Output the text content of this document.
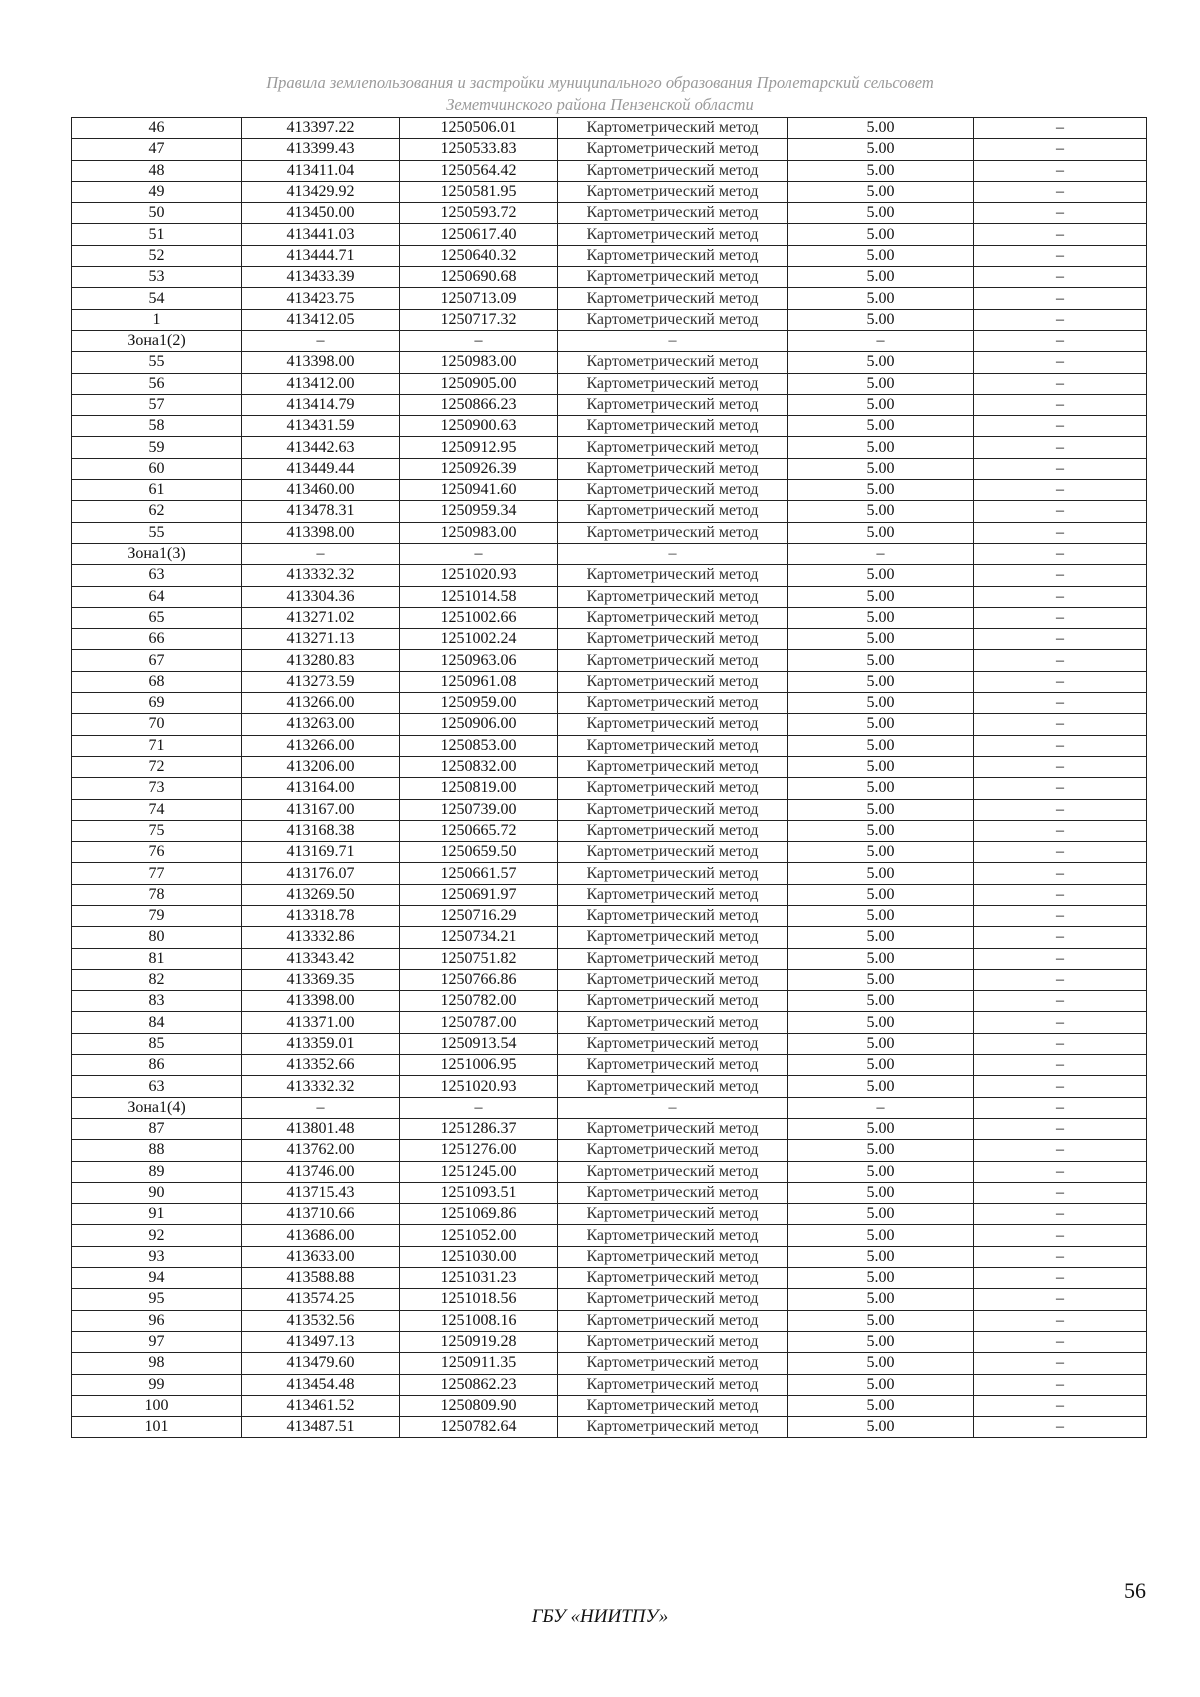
Правила землепользования и застройки муниципального образования Пролетарский сельсовет
Земетчинского района Пензенской области
46	413397.22	1250506.01	Картометрический метод	5.00	–
47	413399.43	1250533.83	Картометрический метод	5.00	–
48	413411.04	1250564.42	Картометрический метод	5.00	–
49	413429.92	1250581.95	Картометрический метод	5.00	–
50	413450.00	1250593.72	Картометрический метод	5.00	–
51	413441.03	1250617.40	Картометрический метод	5.00	–
52	413444.71	1250640.32	Картометрический метод	5.00	–
53	413433.39	1250690.68	Картометрический метод	5.00	–
54	413423.75	1250713.09	Картометрический метод	5.00	–
1	413412.05	1250717.32	Картометрический метод	5.00	–
Зона1(2)	–	–	–	–	–
55	413398.00	1250983.00	Картометрический метод	5.00	–
56	413412.00	1250905.00	Картометрический метод	5.00	–
57	413414.79	1250866.23	Картометрический метод	5.00	–
58	413431.59	1250900.63	Картометрический метод	5.00	–
59	413442.63	1250912.95	Картометрический метод	5.00	–
60	413449.44	1250926.39	Картометрический метод	5.00	–
61	413460.00	1250941.60	Картометрический метод	5.00	–
62	413478.31	1250959.34	Картометрический метод	5.00	–
55	413398.00	1250983.00	Картометрический метод	5.00	–
Зона1(3)	–	–	–	–	–
63	413332.32	1251020.93	Картометрический метод	5.00	–
64	413304.36	1251014.58	Картометрический метод	5.00	–
65	413271.02	1251002.66	Картометрический метод	5.00	–
66	413271.13	1251002.24	Картометрический метод	5.00	–
67	413280.83	1250963.06	Картометрический метод	5.00	–
68	413273.59	1250961.08	Картометрический метод	5.00	–
69	413266.00	1250959.00	Картометрический метод	5.00	–
70	413263.00	1250906.00	Картометрический метод	5.00	–
71	413266.00	1250853.00	Картометрический метод	5.00	–
72	413206.00	1250832.00	Картометрический метод	5.00	–
73	413164.00	1250819.00	Картометрический метод	5.00	–
74	413167.00	1250739.00	Картометрический метод	5.00	–
75	413168.38	1250665.72	Картометрический метод	5.00	–
76	413169.71	1250659.50	Картометрический метод	5.00	–
77	413176.07	1250661.57	Картометрический метод	5.00	–
78	413269.50	1250691.97	Картометрический метод	5.00	–
79	413318.78	1250716.29	Картометрический метод	5.00	–
80	413332.86	1250734.21	Картометрический метод	5.00	–
81	413343.42	1250751.82	Картометрический метод	5.00	–
82	413369.35	1250766.86	Картометрический метод	5.00	–
83	413398.00	1250782.00	Картометрический метод	5.00	–
84	413371.00	1250787.00	Картометрический метод	5.00	–
85	413359.01	1250913.54	Картометрический метод	5.00	–
86	413352.66	1251006.95	Картометрический метод	5.00	–
63	413332.32	1251020.93	Картометрический метод	5.00	–
Зона1(4)	–	–	–	–	–
87	413801.48	1251286.37	Картометрический метод	5.00	–
88	413762.00	1251276.00	Картометрический метод	5.00	–
89	413746.00	1251245.00	Картометрический метод	5.00	–
90	413715.43	1251093.51	Картометрический метод	5.00	–
91	413710.66	1251069.86	Картометрический метод	5.00	–
92	413686.00	1251052.00	Картометрический метод	5.00	–
93	413633.00	1251030.00	Картометрический метод	5.00	–
94	413588.88	1251031.23	Картометрический метод	5.00	–
95	413574.25	1251018.56	Картометрический метод	5.00	–
96	413532.56	1251008.16	Картометрический метод	5.00	–
97	413497.13	1250919.28	Картометрический метод	5.00	–
98	413479.60	1250911.35	Картометрический метод	5.00	–
99	413454.48	1250862.23	Картометрический метод	5.00	–
100	413461.52	1250809.90	Картометрический метод	5.00	–
101	413487.51	1250782.64	Картометрический метод	5.00	–
56
ГБУ «НИИТПУ»
